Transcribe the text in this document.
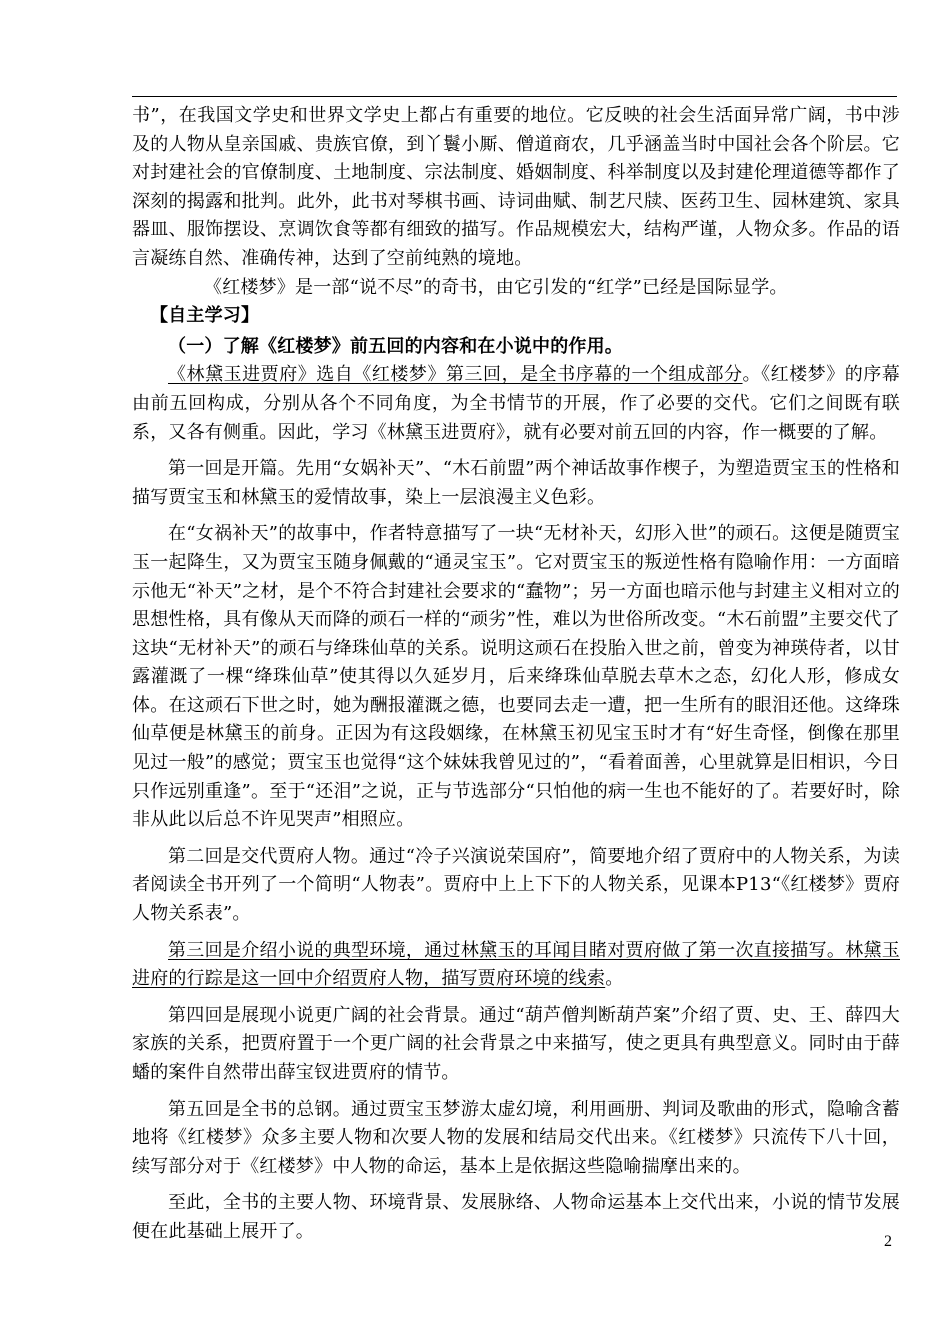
书”，在我国文学史和世界文学史上都占有重要的地位。它反映的社会生活面异常广阔，书中涉及的人物从皇亲国戚、贵族官僚，到丫鬟小厮、僧道商农，几乎涵盖当时中国社会各个阶层。它对封建社会的官僚制度、土地制度、宗法制度、婚姻制度、科举制度以及封建伦理道德等都作了深刻的揭露和批判。此外，此书对琴棋书画、诗词曲赋、制艺尺牍、医药卫生、园林建筑、家具器皿、服饰摆设、烹调饮食等都有细致的描写。作品规模宏大，结构严谨，人物众多。作品的语言凝练自然、准确传神，达到了空前纯熟的境地。

《红楼梦》是一部“说不尽”的奇书，由它引发的“红学”已经是国际显学。

【自主学习】

（一）了解《红楼梦》前五回的内容和在小说中的作用。

《林黛玉进贾府》选自《红楼梦》第三回，是全书序幕的一个组成部分。《红楼梦》的序幕由前五回构成，分别从各个不同角度，为全书情节的开展，作了必要的交代。它们之间既有联系，又各有侧重。因此，学习《林黛玉进贾府》，就有必要对前五回的内容，作一概要的了解。

第一回是开篇。先用“女娲补天”、“木石前盟”两个神话故事作楔子，为塑造贾宝玉的性格和描写贾宝玉和林黛玉的爱情故事，染上一层浪漫主义色彩。

在“女祸补天”的故事中，作者特意描写了一块“无材补天，幻形入世”的顽石。这便是随贾宝玉一起降生，又为贾宝玉随身佩戴的“通灵宝玉”。它对贾宝玉的叛逆性格有隐喻作用：一方面暗示他无“补天”之材，是个不符合封建社会要求的“蠢物”；另一方面也暗示他与封建主义相对立的思想性格，具有像从天而降的顽石一样的“顽劣”性，难以为世俗所改变。“木石前盟”主要交代了这块“无材补天”的顽石与绛珠仙草的关系。说明这顽石在投胎入世之前，曾变为神瑛侍者，以甘露灌溉了一棵“绛珠仙草”使其得以久延岁月，后来绛珠仙草脱去草木之态，幻化人形，修成女体。在这顽石下世之时，她为酬报灌溉之德，也要同去走一遭，把一生所有的眼泪还他。这绛珠仙草便是林黛玉的前身。正因为有这段姻缘，在林黛玉初见宝玉时才有“好生奇怪，倒像在那里见过一般”的感觉；贾宝玉也觉得“这个妹妹我曾见过的”，“看着面善，心里就算是旧相识，今日只作远别重逢”。至于“还泪”之说，正与节选部分“只怕他的病一生也不能好的了。若要好时，除非从此以后总不许见哭声”相照应。

第二回是交代贾府人物。通过“冷子兴演说荣国府”，简要地介绍了贾府中的人物关系，为读者阅读全书开列了一个简明“人物表”。贾府中上上下下的人物关系，见课本P13“《红楼梦》贾府人物关系表”。

第三回是介绍小说的典型环境，通过林黛玉的耳闻目睹对贾府做了第一次直接描写。林黛玉进府的行踪是这一回中介绍贾府人物，描写贾府环境的线索。

第四回是展现小说更广阔的社会背景。通过“葫芦僧判断葫芦案”介绍了贾、史、王、薛四大家族的关系，把贾府置于一个更广阔的社会背景之中来描写，使之更具有典型意义。同时由于薛蟠的案件自然带出薛宝钗进贾府的情节。

第五回是全书的总钢。通过贾宝玉梦游太虚幻境，利用画册、判词及歌曲的形式，隐喻含蓄地将《红楼梦》众多主要人物和次要人物的发展和结局交代出来。《红楼梦》只流传下八十回，续写部分对于《红楼梦》中人物的命运，基本上是依据这些隐喻揣摩出来的。

至此，全书的主要人物、环境背景、发展脉络、人物命运基本上交代出来，小说的情节发展便在此基础上展开了。	2
